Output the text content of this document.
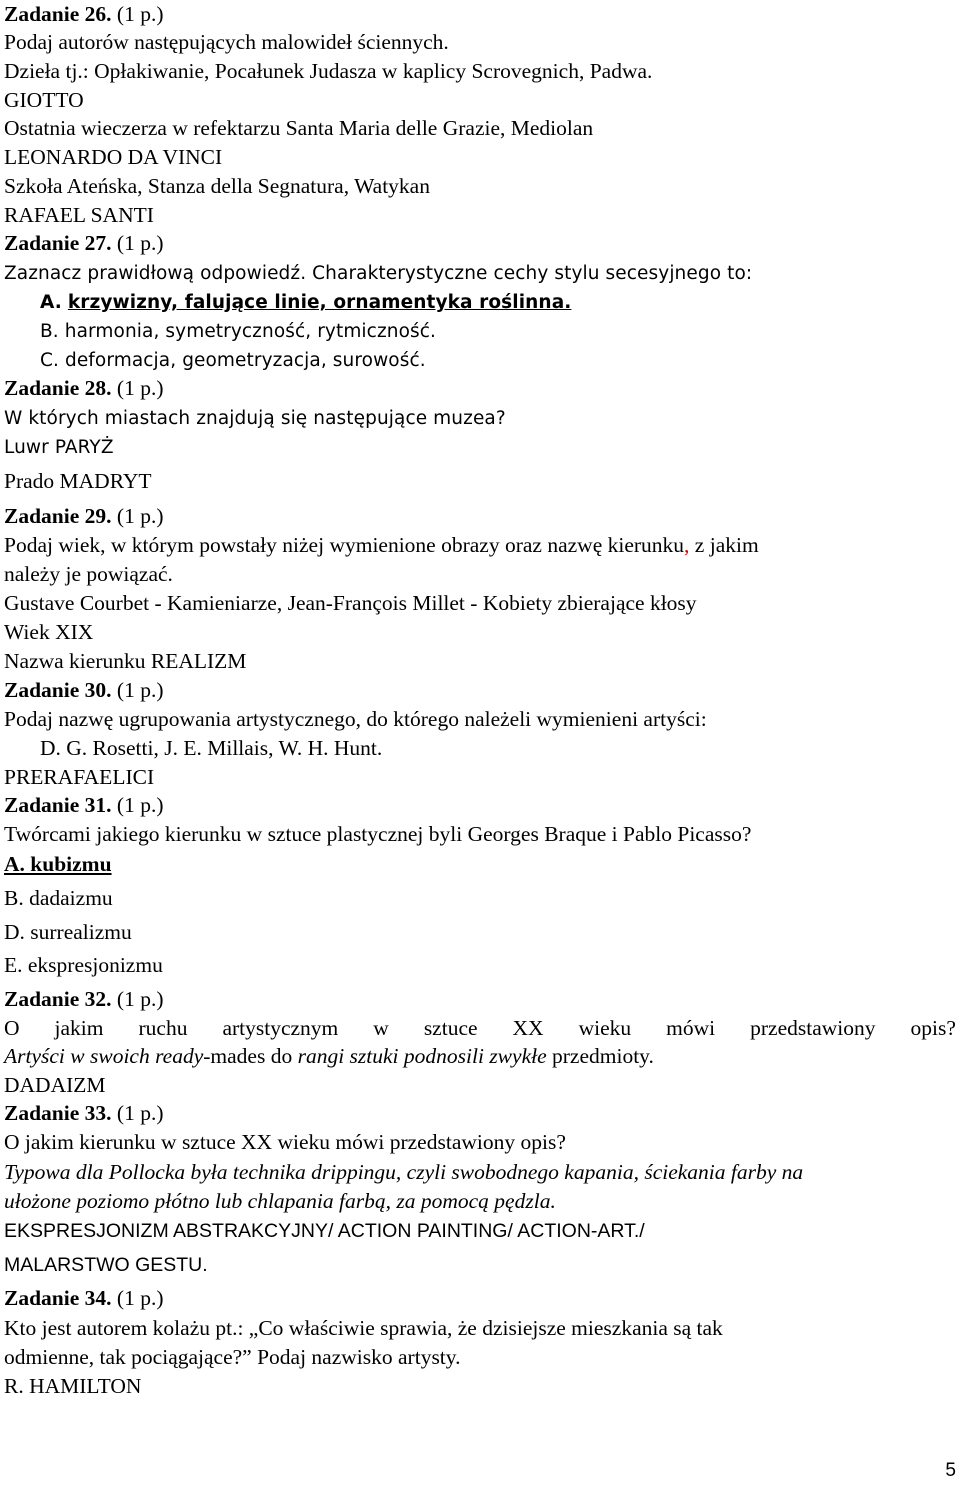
Zadanie 26. (1 p.)
Podaj autorów następujących malowideł ściennych.
Dzieła tj.: Opłakiwanie, Pocałunek Judasza w kaplicy Scrovegnich, Padwa.
GIOTTO
Ostatnia wieczerza w refektarzu Santa Maria delle Grazie, Mediolan
LEONARDO DA VINCI
Szkoła Ateńska, Stanza della Segnatura, Watykan
RAFAEL SANTI
Zadanie 27. (1 p.)
Zaznacz prawidłową odpowiedź. Charakterystyczne cechy stylu secesyjnego to:
A. krzywizny, falujące linie, ornamentyka roślinna.
B. harmonia, symetryczność, rytmiczność.
C. deformacja, geometryzacja, surowość.
Zadanie 28. (1 p.)
W których miastach znajdują się następujące muzea?
Luwr PARYŻ
Prado MADRYT
Zadanie 29. (1 p.)
Podaj wiek, w którym powstały niżej wymienione obrazy oraz nazwę kierunku, z jakim
należy je powiązać.
Gustave Courbet - Kamieniarze, Jean-François Millet - Kobiety zbierające kłosy
Wiek XIX
Nazwa kierunku REALIZM
Zadanie 30. (1 p.)
Podaj nazwę ugrupowania artystycznego, do którego należeli wymienieni artyści:
D. G. Rosetti, J. E. Millais, W. H. Hunt.
PRERAFAELICI
Zadanie 31. (1 p.)
Twórcami jakiego kierunku w sztuce plastycznej byli Georges Braque i Pablo Picasso?
A. kubizmu
B. dadaizmu
D. surrealizmu
E. ekspresjonizmu
Zadanie 32. (1 p.)
O jakim ruchu artystycznym w sztuce XX wieku mówi przedstawiony opis?
Artyści w swoich ready-mades do rangi sztuki podnosili zwykłe przedmioty.
DADAIZM
Zadanie 33. (1 p.)
O jakim kierunku w sztuce XX wieku mówi przedstawiony opis?
Typowa dla Pollocka była technika drippingu, czyli swobodnego kapania, ściekania farby na
ułożone poziomo płótno lub chlapania farbą, za pomocą pędzla.
EKSPRESJONIZM ABSTRAKCYJNY/ ACTION PAINTING/ ACTION-ART./
MALARSTWO GESTU.
Zadanie 34. (1 p.)
Kto jest autorem kolażu pt.: „Co właściwie sprawia, że dzisiejsze mieszkania są tak
odmienne, tak pociągające?” Podaj nazwisko artysty.
R. HAMILTON
5
